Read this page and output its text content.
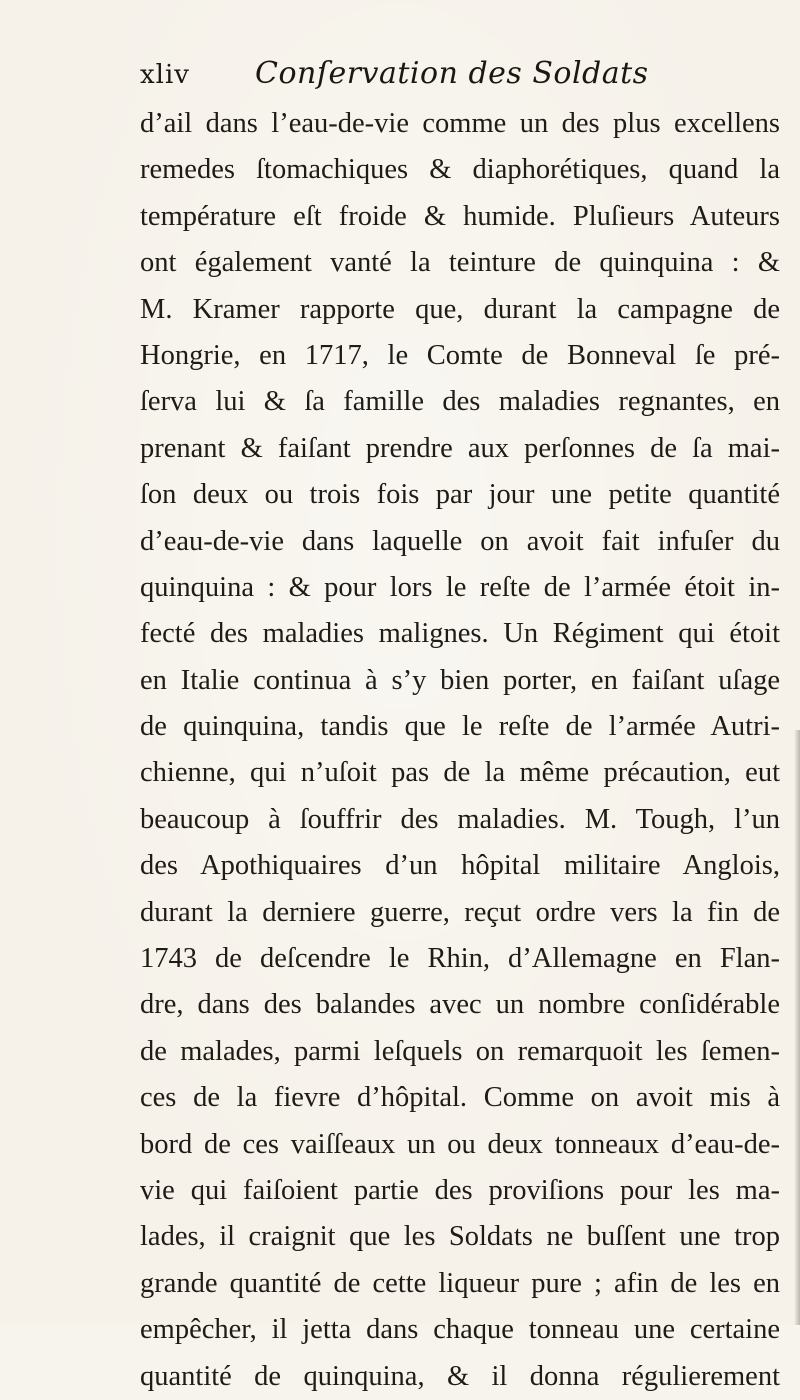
xliv Conſervation des Soldats
d’ail dans l’eau-de-vie comme un des plus excellens
remedes ſtomachiques & diaphorétiques, quand la
température eſt froide & humide. Pluſieurs Auteurs
ont également vanté la teinture de quinquina : &
M. Kramer rapporte que, durant la campagne de
Hongrie, en 1717, le Comte de Bonneval ſe pré-
ſerva lui & ſa famille des maladies regnantes, en
prenant & faiſant prendre aux perſonnes de ſa mai-
ſon deux ou trois fois par jour une petite quantité
d’eau-de-vie dans laquelle on avoit fait infuſer du
quinquina : & pour lors le reſte de l’armée étoit in-
fecté des maladies malignes. Un Régiment qui étoit
en Italie continua à s’y bien porter, en faiſant uſage
de quinquina, tandis que le reſte de l’armée Autri-
chienne, qui n’uſoit pas de la même précaution, eut
beaucoup à ſouffrir des maladies. M. Tough, l’un
des Apothiquaires d’un hôpital militaire Anglois,
durant la derniere guerre, reçut ordre vers la fin de
1743 de deſcendre le Rhin, d’Allemagne en Flan-
dre, dans des balandes avec un nombre conſidérable
de malades, parmi leſquels on remarquoit les ſemen-
ces de la fievre d’hôpital. Comme on avoit mis à
bord de ces vaiſſeaux un ou deux tonneaux d’eau-de-
vie qui faiſoient partie des proviſions pour les ma-
lades, il craignit que les Soldats ne buſſent une trop
grande quantité de cette liqueur pure ; afin de les en
empêcher, il jetta dans chaque tonneau une certaine
quantité de quinquina, & il donna régulierement
